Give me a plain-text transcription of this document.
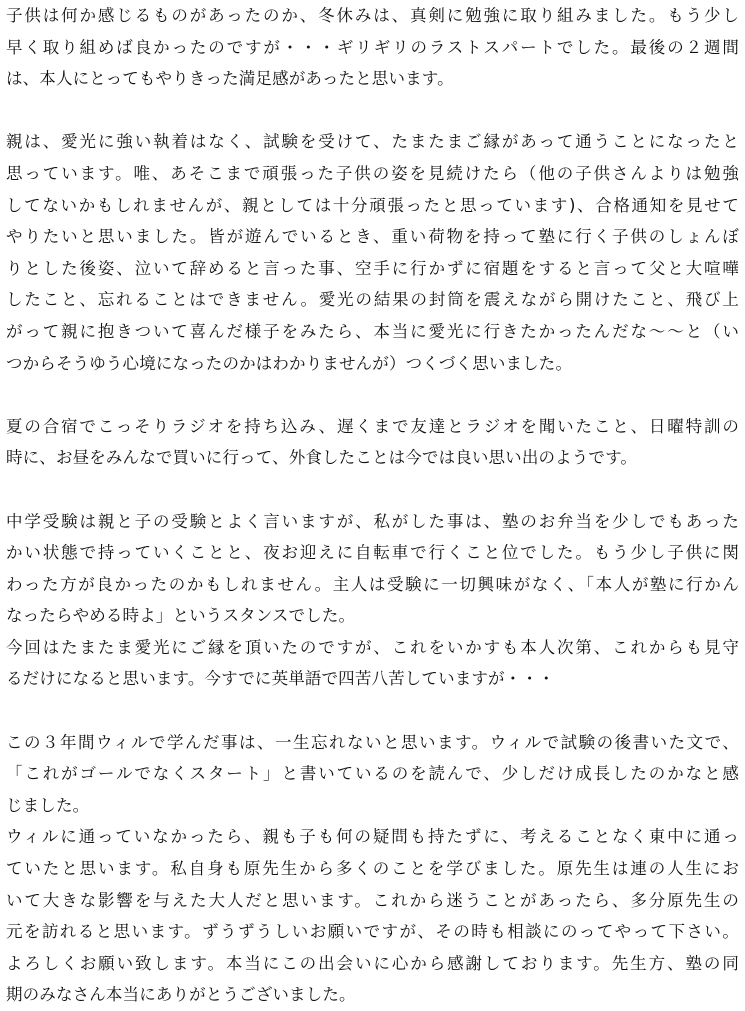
子供は何か感じるものがあったのか、冬休みは、真剣に勉強に取り組みました。もう少し
早く取り組めば良かったのですが・・・ギリギリのラストスパートでした。最後の２週間
は、本人にとってもやりきった満足感があったと思います。
親は、愛光に強い執着はなく、試験を受けて、たまたまご縁があって通うことになったと
思っています。唯、あそこまで頑張った子供の姿を見続けたら（他の子供さんよりは勉強
してないかもしれませんが、親としては十分頑張ったと思っています)、合格通知を見せて
やりたいと思いました。皆が遊んでいるとき、重い荷物を持って塾に行く子供のしょんぼ
りとした後姿、泣いて辞めると言った事、空手に行かずに宿題をすると言って父と大喧嘩
したこと、忘れることはできません。愛光の結果の封筒を震えながら開けたこと、飛び上
がって親に抱きついて喜んだ様子をみたら、本当に愛光に行きたかったんだな～～と（い
つからそうゆう心境になったのかはわかりませんが）つくづく思いました。
夏の合宿でこっそりラジオを持ち込み、遅くまで友達とラジオを聞いたこと、日曜特訓の
時に、お昼をみんなで買いに行って、外食したことは今では良い思い出のようです。
中学受験は親と子の受験とよく言いますが、私がした事は、塾のお弁当を少しでもあった
かい状態で持っていくことと、夜お迎えに自転車で行くこと位でした。もう少し子供に関
わった方が良かったのかもしれません。主人は受験に一切興味がなく、「本人が塾に行かん
なったらやめる時よ」というスタンスでした。
今回はたまたま愛光にご縁を頂いたのですが、これをいかすも本人次第、これからも見守
るだけになると思います。今すでに英単語で四苦八苦していますが・・・
この３年間ウィルで学んだ事は、一生忘れないと思います。ウィルで試験の後書いた文で、
「これがゴールでなくスタート」と書いているのを読んで、少しだけ成長したのかなと感
じました。
ウィルに通っていなかったら、親も子も何の疑問も持たずに、考えることなく東中に通っ
ていたと思います。私自身も原先生から多くのことを学びました。原先生は連の人生にお
いて大きな影響を与えた大人だと思います。これから迷うことがあったら、多分原先生の
元を訪れると思います。ずうずうしいお願いですが、その時も相談にのってやって下さい。
よろしくお願い致します。本当にこの出会いに心から感謝しております。先生方、塾の同
期のみなさん本当にありがとうございました。
